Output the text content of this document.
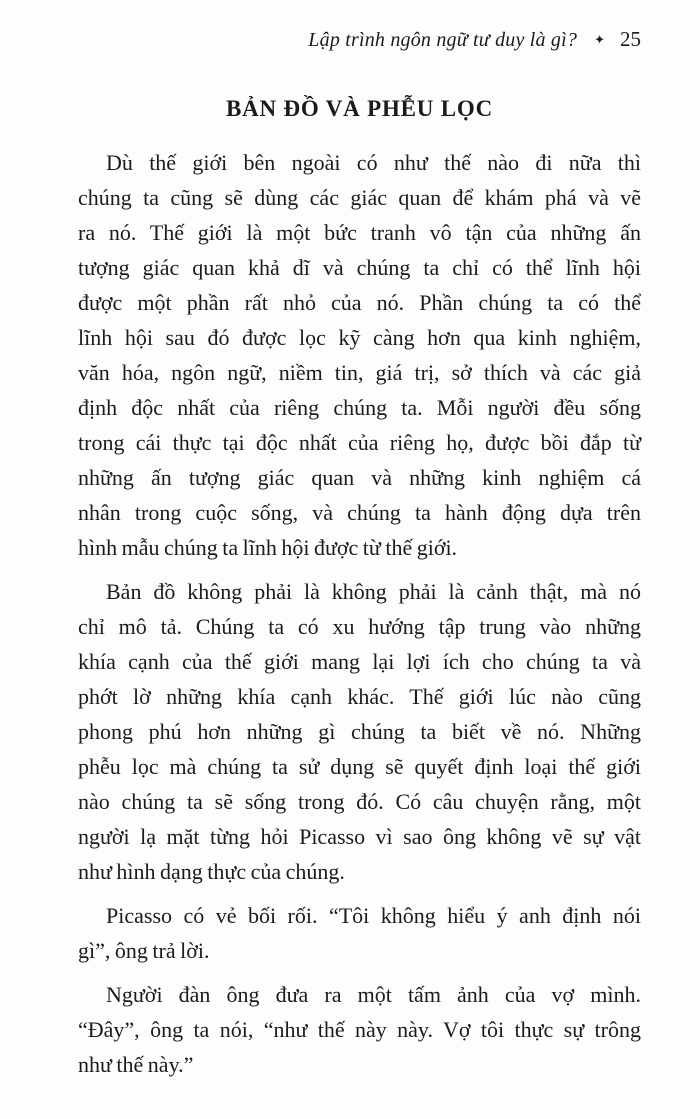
Lập trình ngôn ngữ tư duy là gì? ✦ 25
BẢN ĐỒ VÀ PHỄU LỌC
Dù thế giới bên ngoài có như thế nào đi nữa thì
chúng ta cũng sẽ dùng các giác quan để khám phá và vẽ
ra nó. Thế giới là một bức tranh vô tận của những ấn
tượng giác quan khả dĩ và chúng ta chỉ có thể lĩnh hội
được một phần rất nhỏ của nó. Phần chúng ta có thể
lĩnh hội sau đó được lọc kỹ càng hơn qua kinh nghiệm,
văn hóa, ngôn ngữ, niềm tin, giá trị, sở thích và các giả
định độc nhất của riêng chúng ta. Mỗi người đều sống
trong cái thực tại độc nhất của riêng họ, được bồi đắp từ
những ấn tượng giác quan và những kinh nghiệm cá
nhân trong cuộc sống, và chúng ta hành động dựa trên
hình mẫu chúng ta lĩnh hội được từ thế giới.
Bản đồ không phải là không phải là cảnh thật, mà nó
chỉ mô tả. Chúng ta có xu hướng tập trung vào những
khía cạnh của thế giới mang lại lợi ích cho chúng ta và
phớt lờ những khía cạnh khác. Thế giới lúc nào cũng
phong phú hơn những gì chúng ta biết về nó. Những
phễu lọc mà chúng ta sử dụng sẽ quyết định loại thế giới
nào chúng ta sẽ sống trong đó. Có câu chuyện rằng, một
người lạ mặt từng hỏi Picasso vì sao ông không vẽ sự vật
như hình dạng thực của chúng.
Picasso có vẻ bối rối. “Tôi không hiểu ý anh định nói
gì”, ông trả lời.
Người đàn ông đưa ra một tấm ảnh của vợ mình.
“Đây”, ông ta nói, “như thế này này. Vợ tôi thực sự trông
như thế này.”
